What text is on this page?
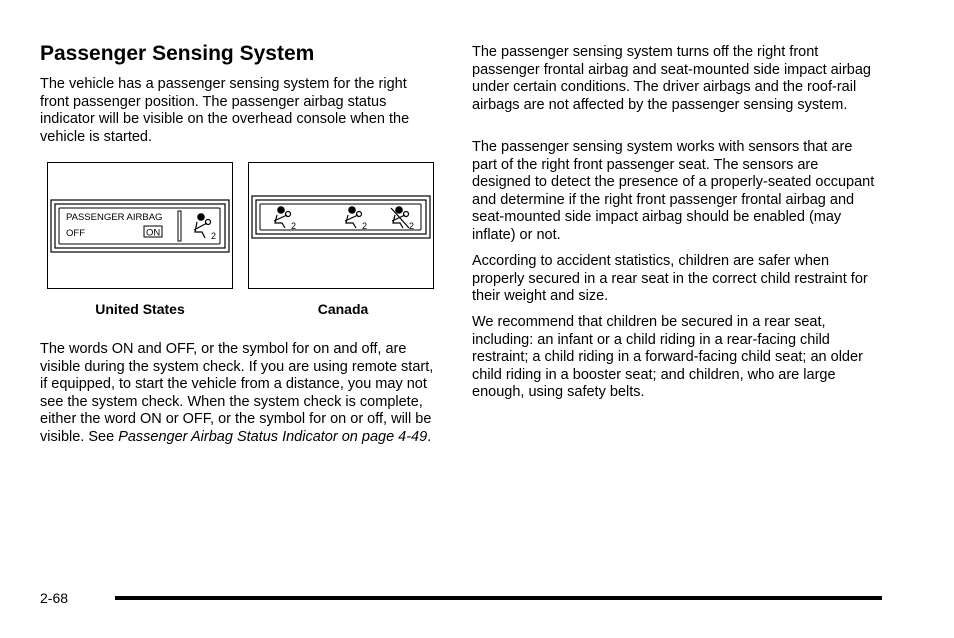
Passenger Sensing System
The vehicle has a passenger sensing system for the right front passenger position. The passenger airbag status indicator will be visible on the overhead console when the vehicle is started.
PASSENGER AIRBAG
OFF	ON	2
2	2	2
United States	Canada
The words ON and OFF, or the symbol for on and off, are visible during the system check. If you are using remote start, if equipped, to start the vehicle from a distance, you may not see the system check. When the system check is complete, either the word ON or OFF, or the symbol for on or off, will be visible. See Passenger Airbag Status Indicator on page 4-49.
The passenger sensing system turns off the right front passenger frontal airbag and seat-mounted side impact airbag under certain conditions. The driver airbags and the roof-rail airbags are not affected by the passenger sensing system.
The passenger sensing system works with sensors that are part of the right front passenger seat. The sensors are designed to detect the presence of a properly-seated occupant and determine if the right front passenger frontal airbag and seat-mounted side impact airbag should be enabled (may inflate) or not.
According to accident statistics, children are safer when properly secured in a rear seat in the correct child restraint for their weight and size.
We recommend that children be secured in a rear seat, including: an infant or a child riding in a rear-facing child restraint; a child riding in a forward-facing child seat; an older child riding in a booster seat; and children, who are large enough, using safety belts.
2-68
